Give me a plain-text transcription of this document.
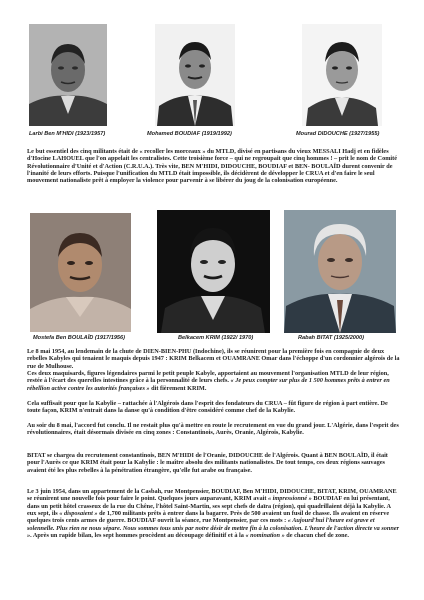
Larbi Ben M'HIDI (1923/1957)	Mohamed BOUDIAF (1919/1992)	Mourad DIDOUCHE (1927/1955)

Le but essentiel des cinq militants était de « recoller les morceaux » du MTLD, divisé en partisans du vieux MESSALI Hadj et en fidèles d'Hocine LAHOUEL que l'on appelait les centralistes. Cette troisième force – qui ne regroupait que cinq hommes ! – prit le nom de Comité Révolutionnaire d'Unité et d'Action (C.R.U.A.). Très vite, BEN M'HIDI, DIDOUCHE, BOUDIAF et BEN- BOULAÏD durent convenir de l'inanité de leurs efforts. Puisque l'unification du MTLD était impossible, ils décidèrent de développer le CRUA et d'en faire le seul mouvement nationaliste prêt à employer la violence pour parvenir à se libérer du joug de la colonisation européenne.

Mostefa Ben BOULAÏD (1917/1956)	Belkacem KRIM (1922/ 1970)	Rabah BITAT (1925/2000)

Le 8 mai 1954, au lendemain de la chute de DIEN-BIEN-PHU (Indochine), ils se réunirent pour la première fois en compagnie de deux rebelles Kabyles qui tenaient le maquis depuis 1947 : KRIM Belkacem et OUAMRANE Omar dans l'échoppe d'un cordonnier algérois de la rue de Mulhouse.

Ces deux maquisards, figures légendaires parmi le petit peuple Kabyle, apportaient au mouvement l'organisation MTLD de leur région, restée à l'écart des querelles intestines grâce à la personnalité de leurs chefs. « Je peux compter sur plus de 1 500 hommes prêts à entrer en rébellion active contre les autorités françaises » dit fièrement KRIM.

Cela suffisait pour que la Kabylie – rattachée à l'Algérois dans l'esprit des fondateurs du CRUA – fût figure de région à part entière. De toute façon, KRIM n'entrait dans la danse qu'à condition d'être considéré comme chef de la Kabylie.

Au soir du 8 mai, l'accord fut conclu. Il ne restait plus qu'à mettre en route le recrutement en vue du grand jour. L'Algérie, dans l'esprit des révolutionnaires, était désormais divisée en cinq zones : Constantinois, Aurès, Oranie, Algérois, Kabylie.

BITAT se chargea du recrutement constantinois, BEN M'HIDI de l'Oranie, DIDOUCHE de l'Algérois. Quant à BEN BOULAÏD, il était pour l'Aurès ce que KRIM était pour la Kabylie : le maître absolu des militants nationalistes. De tout temps, ces deux régions sauvages avaient été les plus rebelles à la pénétration étrangère, qu'elle fut arabe ou française.

Le 3 juin 1954, dans un appartement de la Casbah, rue Montpensier, BOUDIAF, Ben M'HIDI, DIDOUCHE, BITAT, KRIM, OUAMRANE se réunirent une nouvelle fois pour faire le point. Quelques jours auparavant, KRIM avait « impressionné » BOUDIAF en lui présentant, dans un petit hôtel crasseux de la rue du Chêne, l'hôtel Saint-Martin, ses sept chefs de daïra (région), qui quadrillaient déjà la Kabylie. A eux sept, ils « disposaient » de 1,700 militants prêts à entrer dans la bagarre. Près de 500 avaient un fusil de chasse. Ils avaient en réserve quelques trois cents armes de guerre. BOUDIAF ouvrit la séance, rue Montpensier, par ces mots : « Aujourd'hui l'heure est grave et solennelle. Plus rien ne nous sépare. Nous sommes tous unis par notre désir de mettre fin à la colonisation. L'heure de l'action directe va sonner ». Après un rapide bilan, les sept hommes procèdent au découpage définitif et à la « nomination » de chacun chef de zone.
